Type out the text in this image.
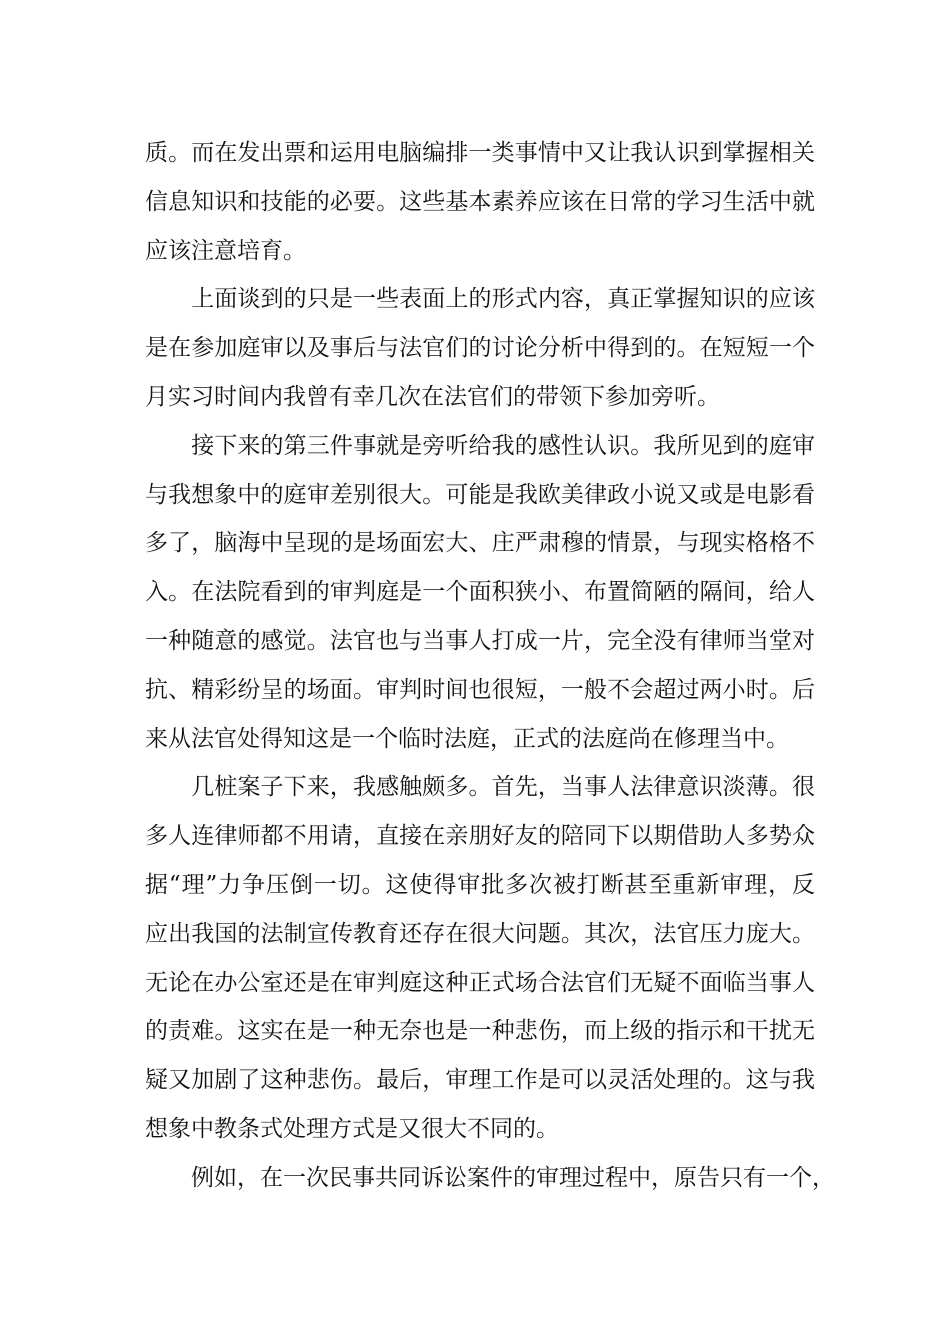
质。而在发出票和运用电脑编排一类事情中又让我认识到掌握相关
信息知识和技能的必要。这些基本素养应该在日常的学习生活中就
应该注意培育。
　　上面谈到的只是一些表面上的形式内容，真正掌握知识的应该
是在参加庭审以及事后与法官们的讨论分析中得到的。在短短一个
月实习时间内我曾有幸几次在法官们的带领下参加旁听。
　　接下来的第三件事就是旁听给我的感性认识。我所见到的庭审
与我想象中的庭审差别很大。可能是我欧美律政小说又或是电影看
多了，脑海中呈现的是场面宏大、庄严肃穆的情景，与现实格格不
入。在法院看到的审判庭是一个面积狭小、布置简陋的隔间，给人
一种随意的感觉。法官也与当事人打成一片，完全没有律师当堂对
抗、精彩纷呈的场面。审判时间也很短，一般不会超过两小时。后
来从法官处得知这是一个临时法庭，正式的法庭尚在修理当中。
　　几桩案子下来，我感触颇多。首先，当事人法律意识淡薄。很
多人连律师都不用请，直接在亲朋好友的陪同下以期借助人多势众
据“理”力争压倒一切。这使得审批多次被打断甚至重新审理，反
应出我国的法制宣传教育还存在很大问题。其次，法官压力庞大。
无论在办公室还是在审判庭这种正式场合法官们无疑不面临当事人
的责难。这实在是一种无奈也是一种悲伤，而上级的指示和干扰无
疑又加剧了这种悲伤。最后，审理工作是可以灵活处理的。这与我
想象中教条式处理方式是又很大不同的。
　　例如，在一次民事共同诉讼案件的审理过程中，原告只有一个，
